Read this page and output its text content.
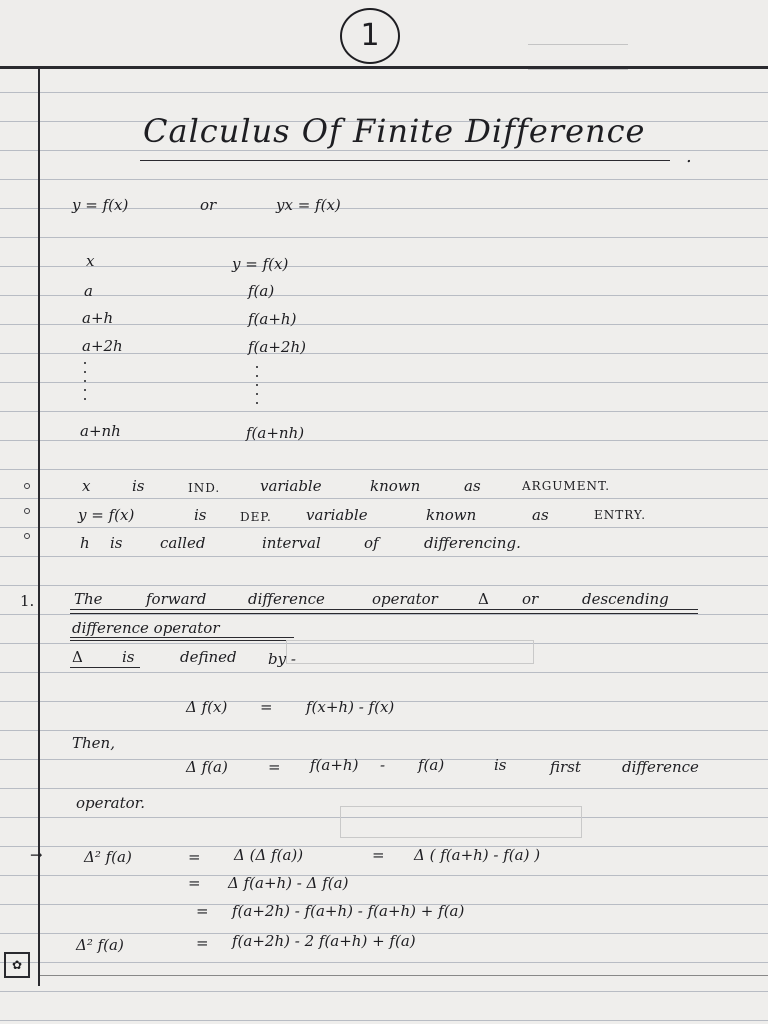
1

Calculus Of Finite Difference
.
y = f(x)	or	yx = f(x)
x	y = f(x)
a	f(a)
a+h	f(a+h)
a+2h	f(a+2h)
a+nh	f(a+nh)
x	is	IND.	variable	known	as	ARGUMENT.
y = f(x)	is	DEP. variable	known	as	ENTRY.
h is	called	interval	of	differencing.
1.	The	forward	difference	operator	Δ or	descending
difference operator
Δ	is	defined by -
Δ f(x) = f(x+h) - f(x)
Then,
Δ f(a)	= f(a+h) - f(a)	is	first	difference
operator.
→	Δ² f(a)	= Δ (Δ f(a))	= Δ ( f(a+h) - f(a) )
= Δ f(a+h) - Δ f(a)
= f(a+2h) - f(a+h) - f(a+h) + f(a)
Δ² f(a)	= f(a+2h) - 2 f(a+h) + f(a)
✿
